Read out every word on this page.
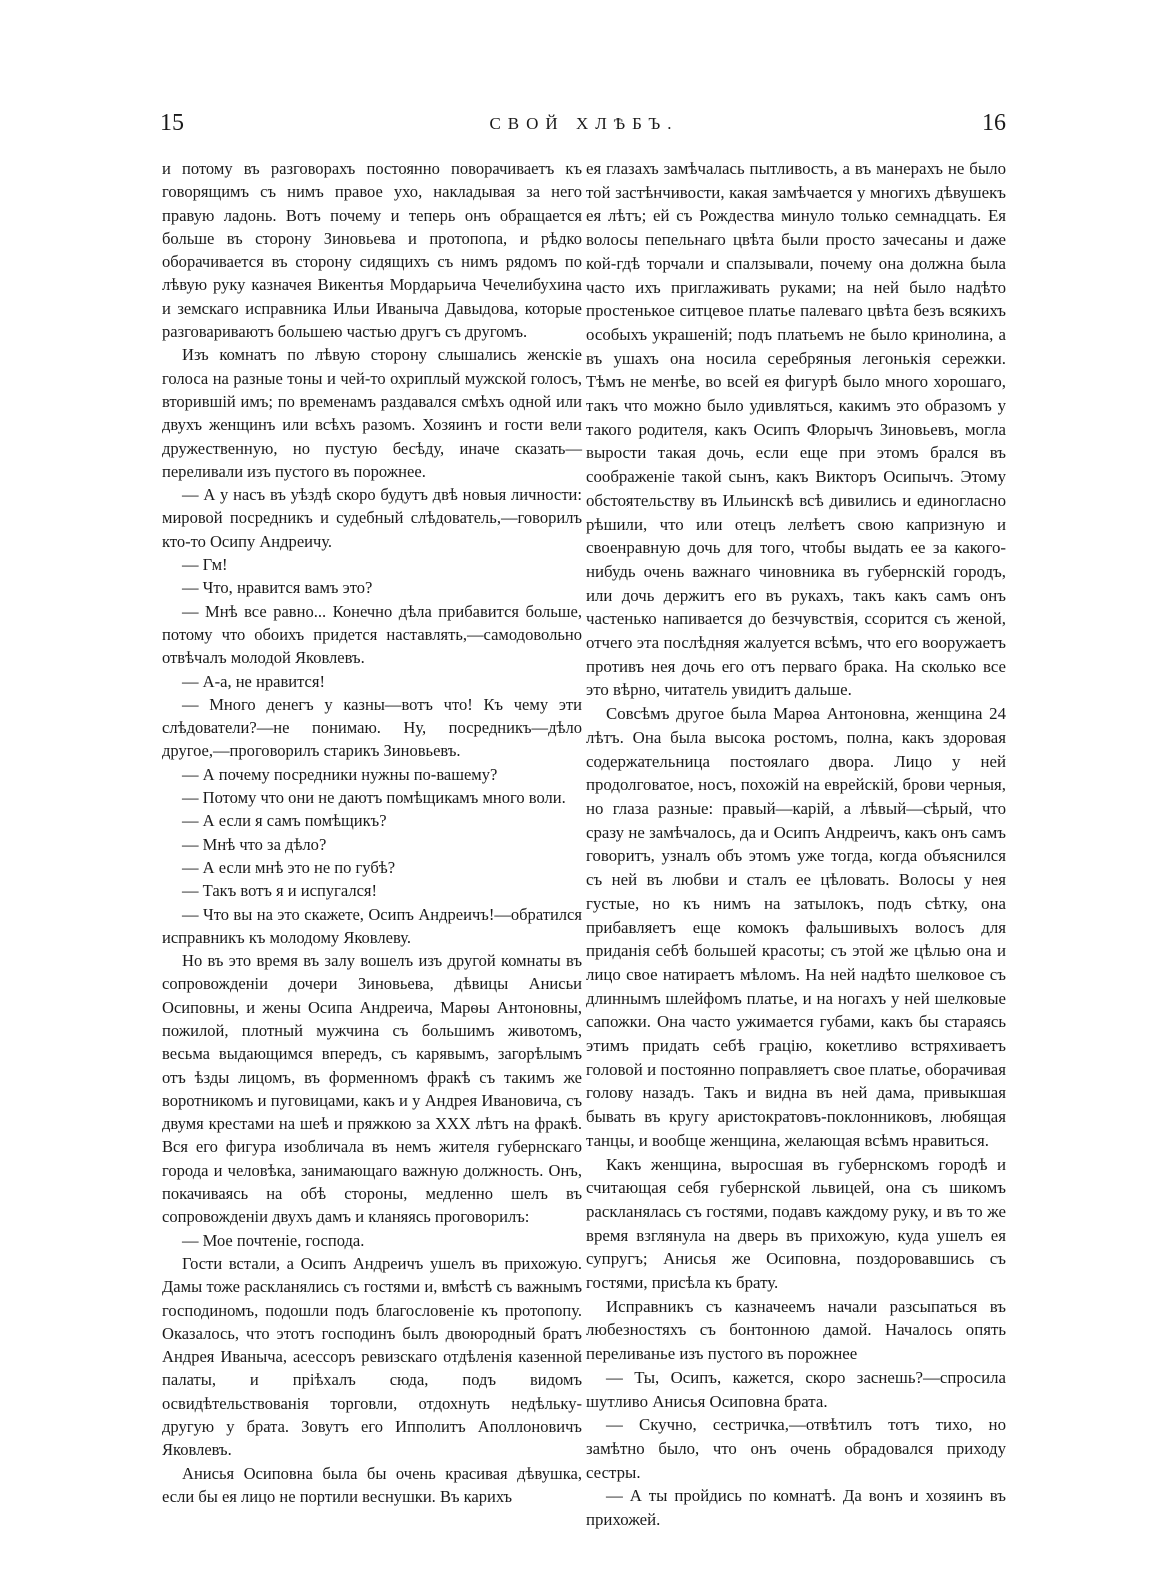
15	СВОЙ ХЛѢБЪ.	16

и потому въ разговорахъ постоянно поворачиваетъ къ говорящимъ съ нимъ правое ухо, накладывая за него правую ладонь. Вотъ почему и теперь онъ обращается больше въ сторону Зиновьева и протопопа, и рѣдко оборачивается въ сторону сидящихъ съ нимъ рядомъ по лѣвую руку казначея Викентья Мордарьича Чечелибухина и земскаго исправника Ильи Иваныча Давыдова, которые разговариваютъ большею частью другъ съ другомъ.

Изъ комнатъ по лѣвую сторону слышались женскіе голоса на разные тоны и чей-то охриплый мужской голосъ, вторившій имъ; по временамъ раздавался смѣхъ одной или двухъ женщинъ или всѣхъ разомъ. Хозяинъ и гости вели дружественную, но пустую бесѣду, иначе сказать—переливали изъ пустого въ порожнее.

— А у насъ въ уѣздѣ скоро будутъ двѣ новыя личности: мировой посредникъ и судебный слѣдователь,—говорилъ кто-то Осипу Андреичу.

— Гм!

— Что, нравится вамъ это?

— Мнѣ все равно... Конечно дѣла прибавится больше, потому что обоихъ придется наставлять,—самодовольно отвѣчалъ молодой Яковлевъ.

— А-а, не нравится!

— Много денегъ у казны—вотъ что! Къ чему эти слѣдователи?—не понимаю. Ну, посредникъ—дѣло другое,—проговорилъ старикъ Зиновьевъ.

— А почему посредники нужны по-вашему?

— Потому что они не даютъ помѣщикамъ много воли.

— А если я самъ помѣщикъ?

— Мнѣ что за дѣло?

— А если мнѣ это не по губѣ?

— Такъ вотъ я и испугался!

— Что вы на это скажете, Осипъ Андреичъ!—обратился исправникъ къ молодому Яковлеву.

Но въ это время въ залу вошелъ изъ другой комнаты въ сопровожденіи дочери Зиновьева, дѣвицы Анисьи Осиповны, и жены Осипа Андреича, Марѳы Антоновны, пожилой, плотный мужчина съ большимъ животомъ, весьма выдающимся впередъ, съ карявымъ, загорѣлымъ отъ ѣзды лицомъ, въ форменномъ фракѣ съ такимъ же воротникомъ и пуговицами, какъ и у Андрея Ивановича, съ двумя крестами на шеѣ и пряжкою за XXX лѣтъ на фракѣ. Вся его фигура изобличала въ немъ жителя губернскаго города и человѣка, занимающаго важную должность. Онъ, покачиваясь на обѣ стороны, медленно шелъ въ сопровожденіи двухъ дамъ и кланяясь проговорилъ:

— Мое почтеніе, господа.

Гости встали, а Осипъ Андреичъ ушелъ въ прихожую. Дамы тоже раскланялись съ гостями и, вмѣстѣ съ важнымъ господиномъ, подошли подъ благословеніе къ протопопу. Оказалось, что этотъ господинъ былъ двоюродный братъ Андрея Иваныча, асессоръ ревизскаго отдѣленія казенной палаты, и пріѣхалъ сюда, подъ видомъ освидѣтельствованія торговли, отдохнуть недѣльку-другую у брата. Зовутъ его Ипполитъ Аполлоновичъ Яковлевъ.

Анисья Осиповна была бы очень красивая дѣвушка, если бы ея лицо не портили веснушки. Въ карихъ

ея глазахъ замѣчалась пытливость, а въ манерахъ не было той застѣнчивости, какая замѣчается у многихъ дѣвушекъ ея лѣтъ; ей съ Рождества минуло только семнадцать. Ея волосы пепельнаго цвѣта были просто зачесаны и даже кой-гдѣ торчали и спалзывали, почему она должна была часто ихъ приглаживать руками; на ней было надѣто простенькое ситцевое платье палеваго цвѣта безъ всякихъ особыхъ украшеній; подъ платьемъ не было кринолина, а въ ушахъ она носила серебряныя легонькія сережки. Тѣмъ не менѣе, во всей ея фигурѣ было много хорошаго, такъ что можно было удивляться, какимъ это образомъ у такого родителя, какъ Осипъ Флорычъ Зиновьевъ, могла вырости такая дочь, если еще при этомъ брался въ соображеніе такой сынъ, какъ Викторъ Осипычъ. Этому обстоятельству въ Ильинскѣ всѣ дивились и единогласно рѣшили, что или отецъ лелѣетъ свою капризную и своенравную дочь для того, чтобы выдать ее за какого-нибудь очень важнаго чиновника въ губернскій городъ, или дочь держитъ его въ рукахъ, такъ какъ самъ онъ частенько напивается до безчувствія, ссорится съ женой, отчего эта послѣдняя жалуется всѣмъ, что его вооружаетъ противъ нея дочь его отъ перваго брака. На сколько все это вѣрно, читатель увидитъ дальше.

Совсѣмъ другое была Марѳа Антоновна, женщина 24 лѣтъ. Она была высока ростомъ, полна, какъ здоровая содержательница постоялаго двора. Лицо у ней продолговатое, носъ, похожій на еврейскій, брови черныя, но глаза разные: правый—карій, а лѣвый—сѣрый, что сразу не замѣчалось, да и Осипъ Андреичъ, какъ онъ самъ говоритъ, узналъ объ этомъ уже тогда, когда объяснился съ ней въ любви и сталъ ее цѣловать. Волосы у нея густые, но къ нимъ на затылокъ, подъ сѣтку, она прибавляетъ еще комокъ фальшивыхъ волосъ для приданія себѣ большей красоты; съ этой же цѣлью она и лицо свое натираетъ мѣломъ. На ней надѣто шелковое съ длиннымъ шлейфомъ платье, и на ногахъ у ней шелковые сапожки. Она часто ужимается губами, какъ бы стараясь этимъ придать себѣ грацію, кокетливо встряхиваетъ головой и постоянно поправляетъ свое платье, оборачивая голову назадъ. Такъ и видна въ ней дама, привыкшая бывать въ кругу аристократовъ-поклонниковъ, любящая танцы, и вообще женщина, желающая всѣмъ нравиться.

Какъ женщина, выросшая въ губернскомъ городѣ и считающая себя губернской львицей, она съ шикомъ раскланялась съ гостями, подавъ каждому руку, и въ то же время взглянула на дверь въ прихожую, куда ушелъ ея супругъ; Анисья же Осиповна, поздоровавшись съ гостями, присѣла къ брату.

Исправникъ съ казначеемъ начали разсыпаться въ любезностяхъ съ бонтонною дамой. Началось опять переливанье изъ пустого въ порожнее

— Ты, Осипъ, кажется, скоро заснешь?—спросила шутливо Анисья Осиповна брата.

— Скучно, сестричка,—отвѣтилъ тотъ тихо, но замѣтно было, что онъ очень обрадовался приходу сестры.

— А ты пройдись по комнатѣ. Да вонъ и хозяинъ въ прихожей.
